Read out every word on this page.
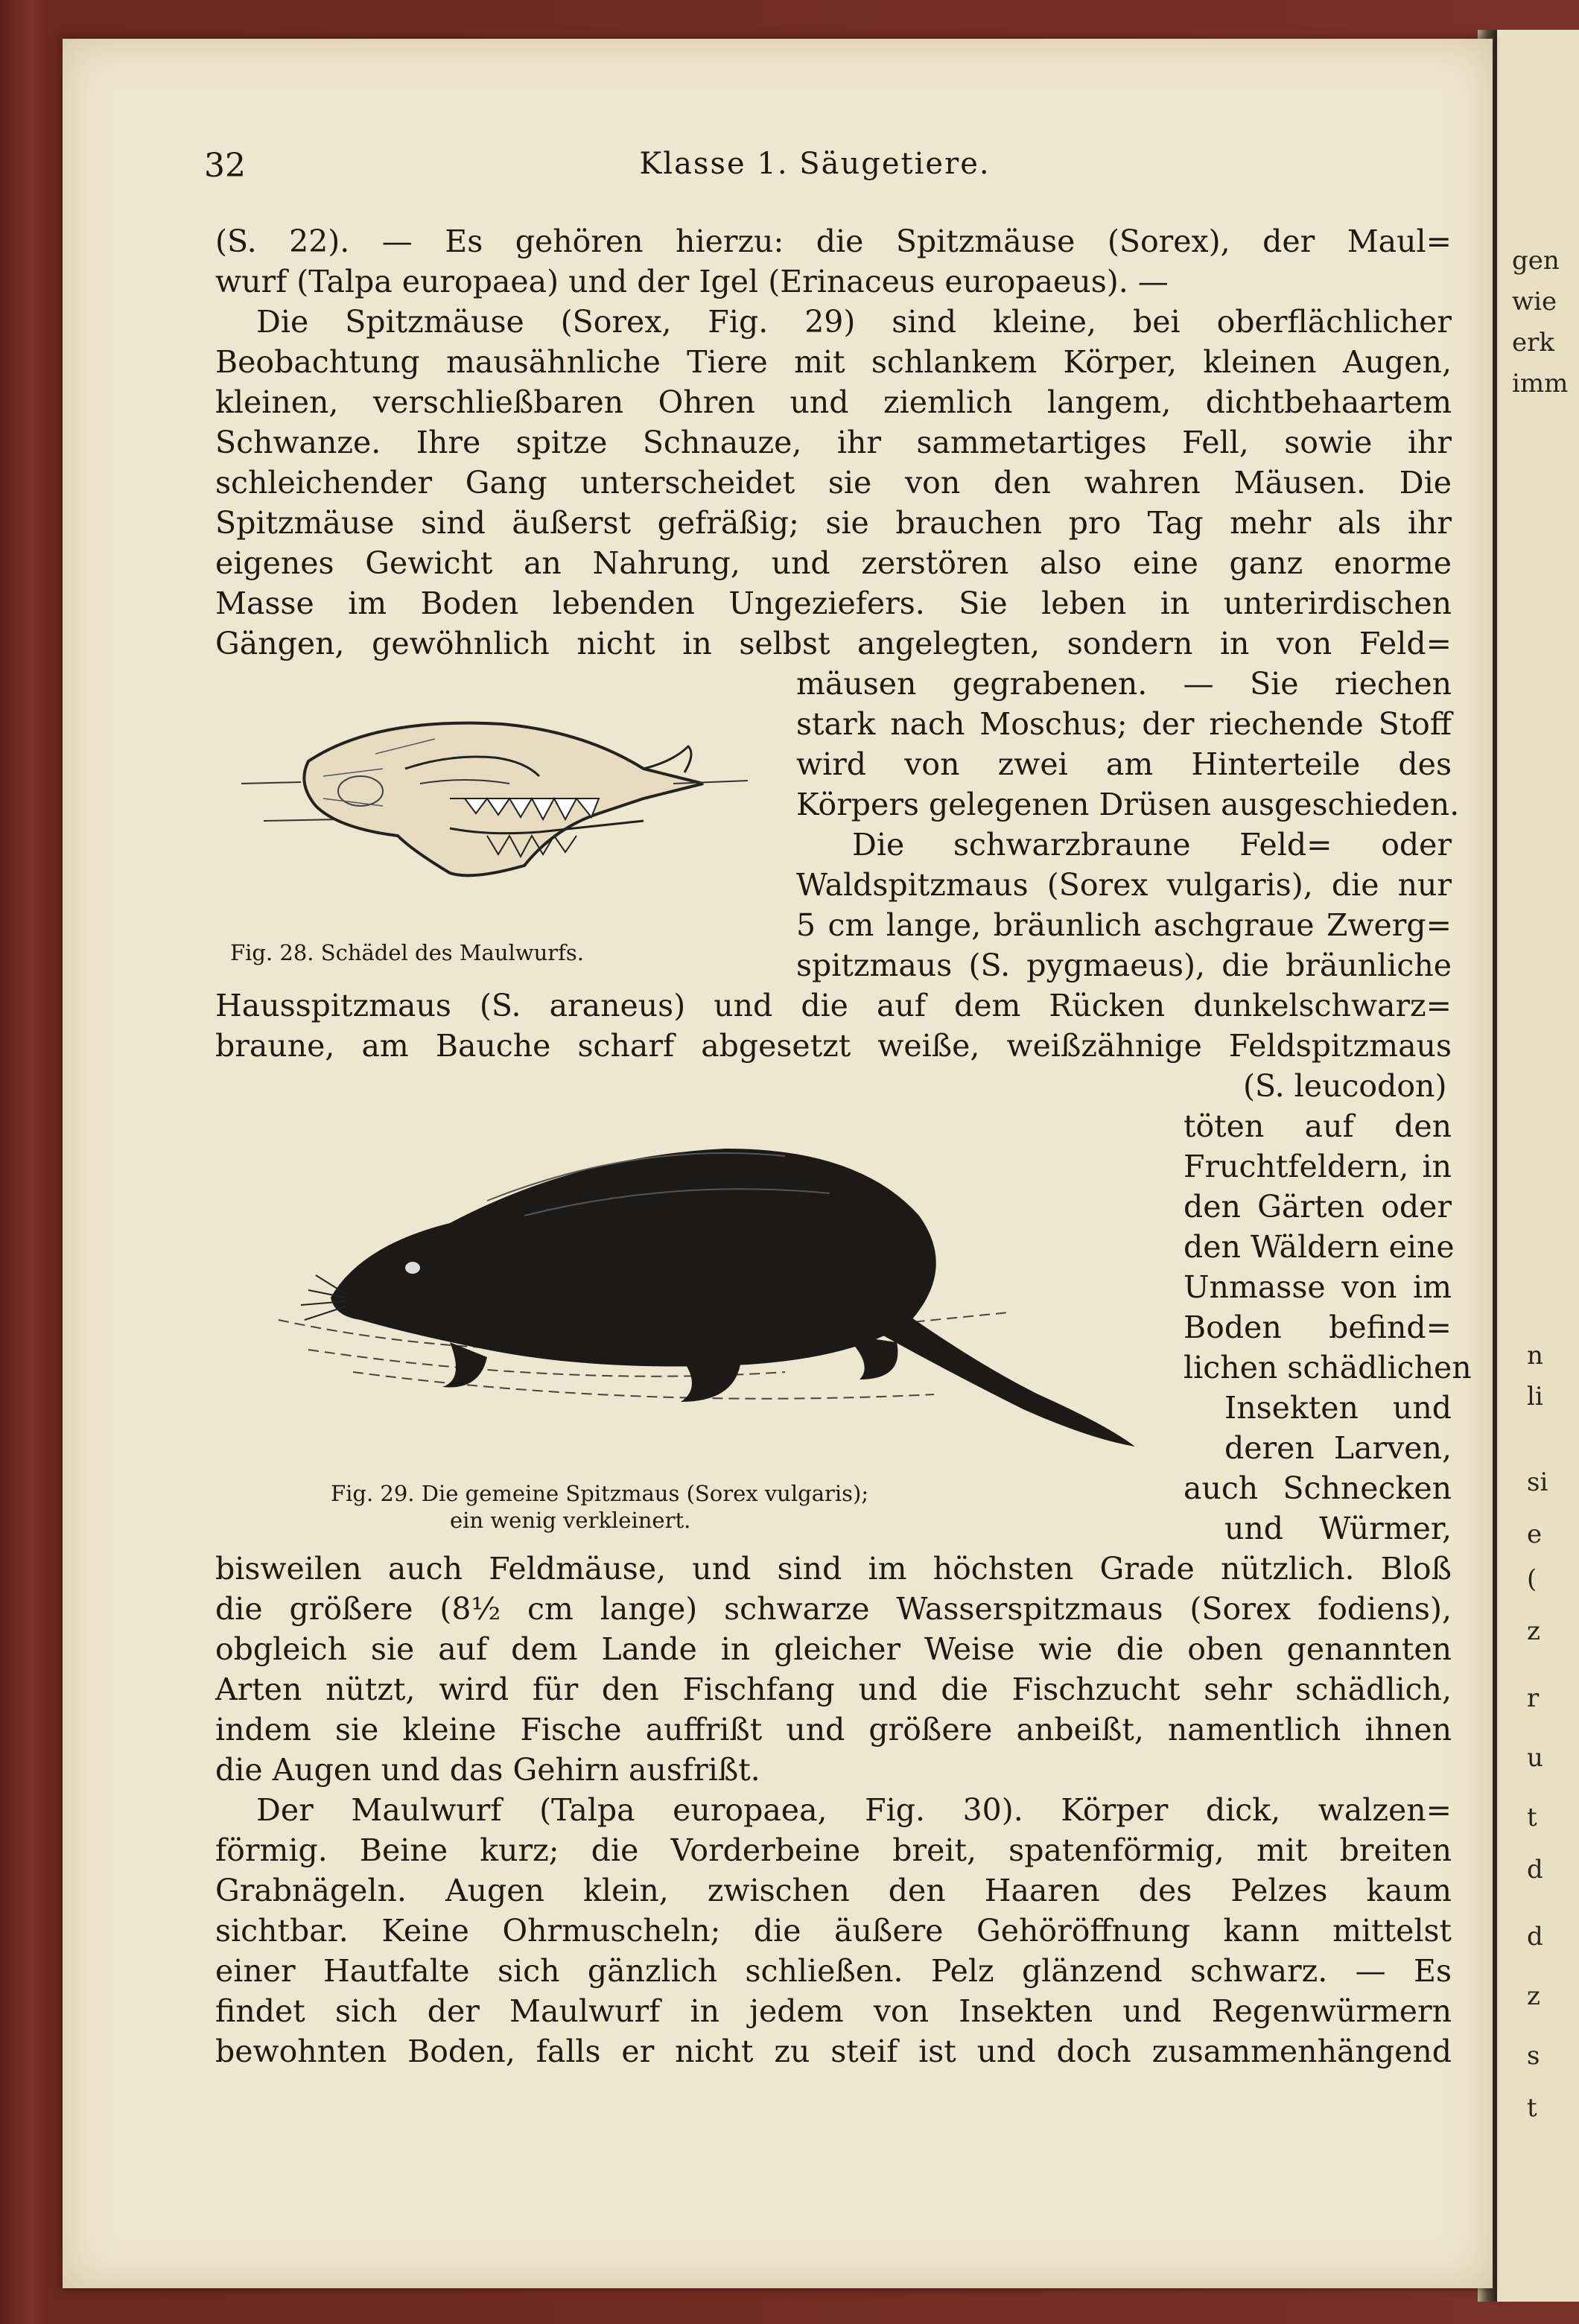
gen
wie
erk
imm
n
li
si
e
(
z
r
u
t
d
d
z
s
t
32	Klasse 1. Säugetiere.
(S. 22). — Es gehören hierzu: die Spitzmäuse (Sorex), der Maul=
wurf (Talpa europaea) und der Igel (Erinaceus europaeus). —
Die Spitzmäuse (Sorex, Fig. 29) sind kleine, bei oberflächlicher
Beobachtung mausähnliche Tiere mit schlankem Körper, kleinen Augen,
kleinen, verschließbaren Ohren und ziemlich langem, dichtbehaartem
Schwanze. Ihre spitze Schnauze, ihr sammetartiges Fell, sowie ihr
schleichender Gang unterscheidet sie von den wahren Mäusen. Die
Spitzmäuse sind äußerst gefräßig; sie brauchen pro Tag mehr als ihr
eigenes Gewicht an Nahrung, und zerstören also eine ganz enorme
Masse im Boden lebenden Ungeziefers. Sie leben in unterirdischen
Gängen, gewöhnlich nicht in selbst angelegten, sondern in von Feld=
mäusen gegrabenen. — Sie riechen
stark nach Moschus; der riechende Stoff
wird von zwei am Hinterteile des
Körpers gelegenen Drüsen ausgeschieden.
Die schwarzbraune Feld= oder
Waldspitzmaus (Sorex vulgaris), die nur
5 cm lange, bräunlich aschgraue Zwerg=
spitzmaus (S. pygmaeus), die bräunliche
Hausspitzmaus (S. araneus) und die auf dem Rücken dunkelschwarz=
braune, am Bauche scharf abgesetzt weiße, weißzähnige Feldspitzmaus
(S. leucodon)
töten auf den
Fruchtfeldern, in
den Gärten oder
den Wäldern eine
Unmasse von im
Boden befind=
lichen schädlichen
Insekten und
deren Larven,
auch Schnecken
und Würmer,
bisweilen auch Feldmäuse, und sind im höchsten Grade nützlich. Bloß
die größere (8½ cm lange) schwarze Wasserspitzmaus (Sorex fodiens),
obgleich sie auf dem Lande in gleicher Weise wie die oben genannten
Arten nützt, wird für den Fischfang und die Fischzucht sehr schädlich,
indem sie kleine Fische auffrißt und größere anbeißt, namentlich ihnen
die Augen und das Gehirn ausfrißt.
Der Maulwurf (Talpa europaea, Fig. 30). Körper dick, walzen=
förmig. Beine kurz; die Vorderbeine breit, spatenförmig, mit breiten
Grabnägeln. Augen klein, zwischen den Haaren des Pelzes kaum
sichtbar. Keine Ohrmuscheln; die äußere Gehöröffnung kann mittelst
einer Hautfalte sich gänzlich schließen. Pelz glänzend schwarz. — Es
findet sich der Maulwurf in jedem von Insekten und Regenwürmern
bewohnten Boden, falls er nicht zu steif ist und doch zusammenhängend
Fig. 28. Schädel des Maulwurfs.
Fig. 29. Die gemeine Spitzmaus (Sorex vulgaris);
ein wenig verkleinert.
